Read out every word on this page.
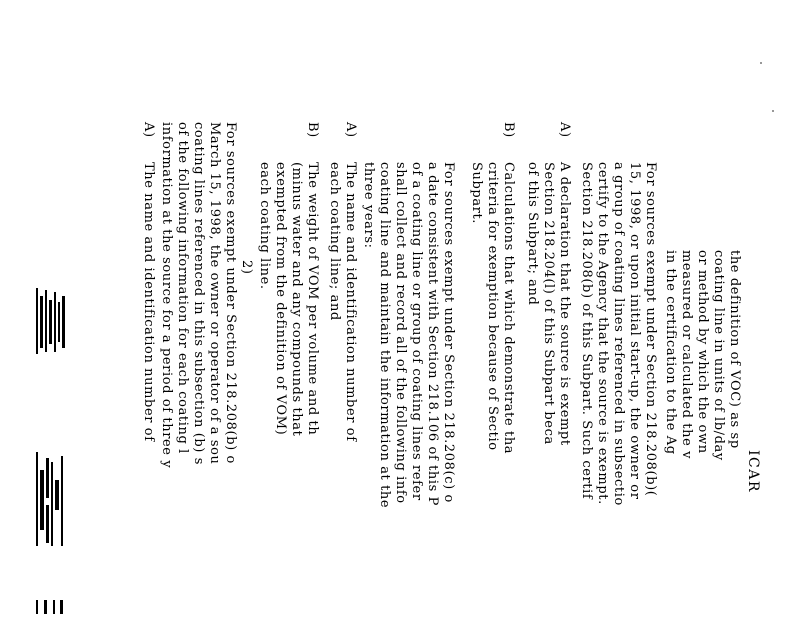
ICAR
the definition of VOC) as sp
coating line in units of lb/day
or method by which the own
measured or calculated the v
in the certification to the Ag
For sources exempt under Section 218.208(b)(
15, 1998, or upon initial start-up, the owner or
a group of coating lines referenced in subsectio
certify to the Agency that the source is exempt.
Section 218.208(b) of this Subpart. Such certif
A)
A declaration that the source is exempt
Section 218.204(l) of this Subpart beca
of this Subpart; and
B)
Calculations that which demonstrate tha
criteria for exemption because of Sectio
Subpart.
For sources exempt under Section 218.208(c) o
a date consistent with Section 218.106 of this P
of a coating line or group of coating lines refer
shall collect and record all of the following info
coating line and maintain the information at the
three years:
A)
The name and identification number of
each coating line; and
B)
The weight of VOM per volume and th
(minus water and any compounds that
exempted from the definition of VOM)
each coating line.
2)
For sources exempt under Section 218.208(b) o
March 15, 1998, the owner or operator of a sou
coating lines referenced in this subsection (b) s
of the following information for each coating l
information at the source for a period of three y
A)
The name and identification number of
